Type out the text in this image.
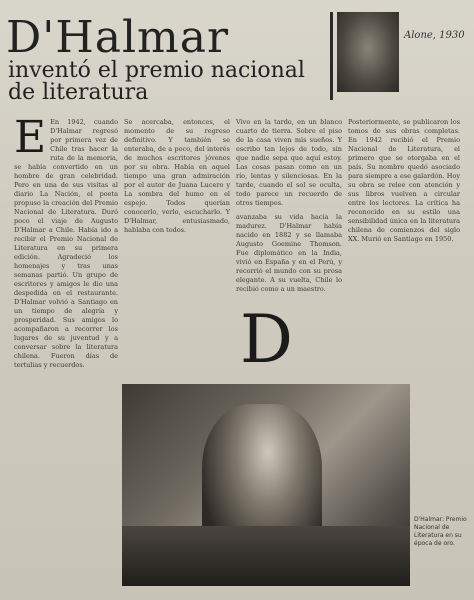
D'Halmar
inventó el premio nacional
de literatura
Alone, 1930
E En 1942, cuando D'Halmar regresó por primera vez de Chile tras hacer la ruta de la memoria, se había convertido en un hombre de gran celebridad. Pero en una de sus visitas al diario La Nación, el poeta propuso la creación del Premio Nacional de Literatura. Duró poco el viaje de Augusto D'Halmar a Chile. Había ido a recibir el Premio Nacional de Literatura en su primera edición. Agradeció los homenajes y tras unas semanas partió. Un grupo de escritores y amigos le dio una despedida en el restaurante. D'Halmar volvió a Santiago en un tiempo de alegría y prosperidad. Sus amigos lo acompañaron a recorrer los lugares de su juventud y a conversar sobre la literatura chilena. Fueron días de tertulias y recuerdos.

Se acercaba, entonces, el momento de su regreso definitivo. Y también se enteraba, de a poco, del interés de muchos escritores jóvenes por su obra. Había en aquel tiempo una gran admiración por el autor de Juana Lucero y La sombra del humo en el espejo. Todos querían conocerlo, verlo, escucharlo. Y D'Halmar, entusiasmado, hablaba con todos.

Vivo en la tarde, en un blanco cuarto de tierra. Sobre el piso de la casa viven mis sueños. Y escribo tan lejos de todo, sin que nadie sepa que aquí estoy. Las cosas pasan como en un río, lentas y silenciosas. En la tarde, cuando el sol se oculta, todo parece un recuerdo de otros tiempos.

avanzaba su vida hacia la madurez. D'Halmar había nacido en 1882 y se llamaba Augusto Goemine Thomson. Fue diplomático en la India, vivió en España y en el Perú, y recorrió el mundo con su prosa elegante. A su vuelta, Chile lo recibió como a un maestro.

D

Posteriormente, se publicaron los tomos de sus obras completas. En 1942 recibió el Premio Nacional de Literatura, el primero que se otorgaba en el país. Su nombre quedó asociado para siempre a ese galardón. Hoy su obra se relee con atención y sus libros vuelven a circular entre los lectores. La crítica ha reconocido en su estilo una sensibilidad única en la literatura chilena de comienzos del siglo XX. Murió en Santiago en 1950.

D'Halmar: Premio Nacional de Literatura en su época de oro.
